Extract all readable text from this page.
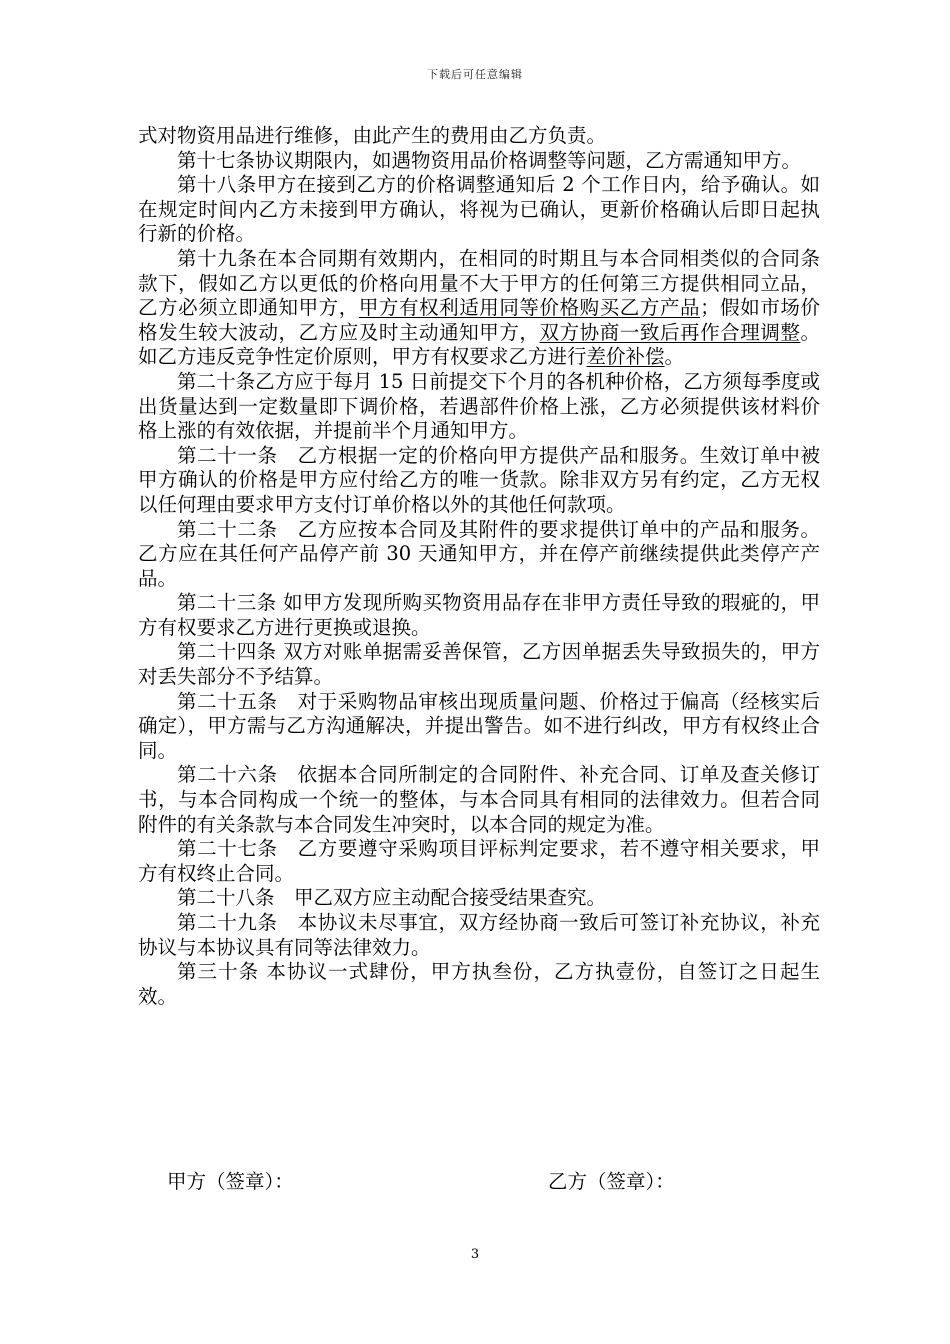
下载后可任意编辑

式对物资用品进行维修，由此产生的费用由乙方负责。

第十七条协议期限内，如遇物资用品价格调整等问题，乙方需通知甲方。

第十八条甲方在接到乙方的价格调整通知后 2 个工作日内，给予确认。如在规定时间内乙方未接到甲方确认，将视为已确认，更新价格确认后即日起执行新的价格。

第十九条在本合同期有效期内，在相同的时期且与本合同相类似的合同条款下，假如乙方以更低的价格向用量不大于甲方的任何第三方提供相同立品，乙方必须立即通知甲方，甲方有权利适用同等价格购买乙方产品；假如市场价格发生较大波动，乙方应及时主动通知甲方，双方协商一致后再作合理调整。如乙方违反竞争性定价原则，甲方有权要求乙方进行差价补偿。

第二十条乙方应于每月 15 日前提交下个月的各机种价格，乙方须每季度或出货量达到一定数量即下调价格，若遇部件价格上涨，乙方必须提供该材料价格上涨的有效依据，并提前半个月通知甲方。

第二十一条　乙方根据一定的价格向甲方提供产品和服务。生效订单中被甲方确认的价格是甲方应付给乙方的唯一货款。除非双方另有约定，乙方无权以任何理由要求甲方支付订单价格以外的其他任何款项。

第二十二条　乙方应按本合同及其附件的要求提供订单中的产品和服务。乙方应在其任何产品停产前 30 天通知甲方，并在停产前继续提供此类停产产品。

第二十三条 如甲方发现所购买物资用品存在非甲方责任导致的瑕疵的，甲方有权要求乙方进行更换或退换。

第二十四条 双方对账单据需妥善保管，乙方因单据丢失导致损失的，甲方对丢失部分不予结算。

第二十五条　对于采购物品审核出现质量问题、价格过于偏高（经核实后确定），甲方需与乙方沟通解决，并提出警告。如不进行纠改，甲方有权终止合同。

第二十六条　依据本合同所制定的合同附件、补充合同、订单及查关修订书，与本合同构成一个统一的整体，与本合同具有相同的法律效力。但若合同附件的有关条款与本合同发生冲突时，以本合同的规定为准。

第二十七条　乙方要遵守采购项目评标判定要求，若不遵守相关要求，甲方有权终止合同。

第二十八条　甲乙双方应主动配合接受结果查究。

第二十九条　本协议未尽事宜，双方经协商一致后可签订补充协议，补充协议与本协议具有同等法律效力。

第三十条 本协议一式肆份，甲方执叁份，乙方执壹份，自签订之日起生效。

甲方（签章）：	乙方（签章）：
3
